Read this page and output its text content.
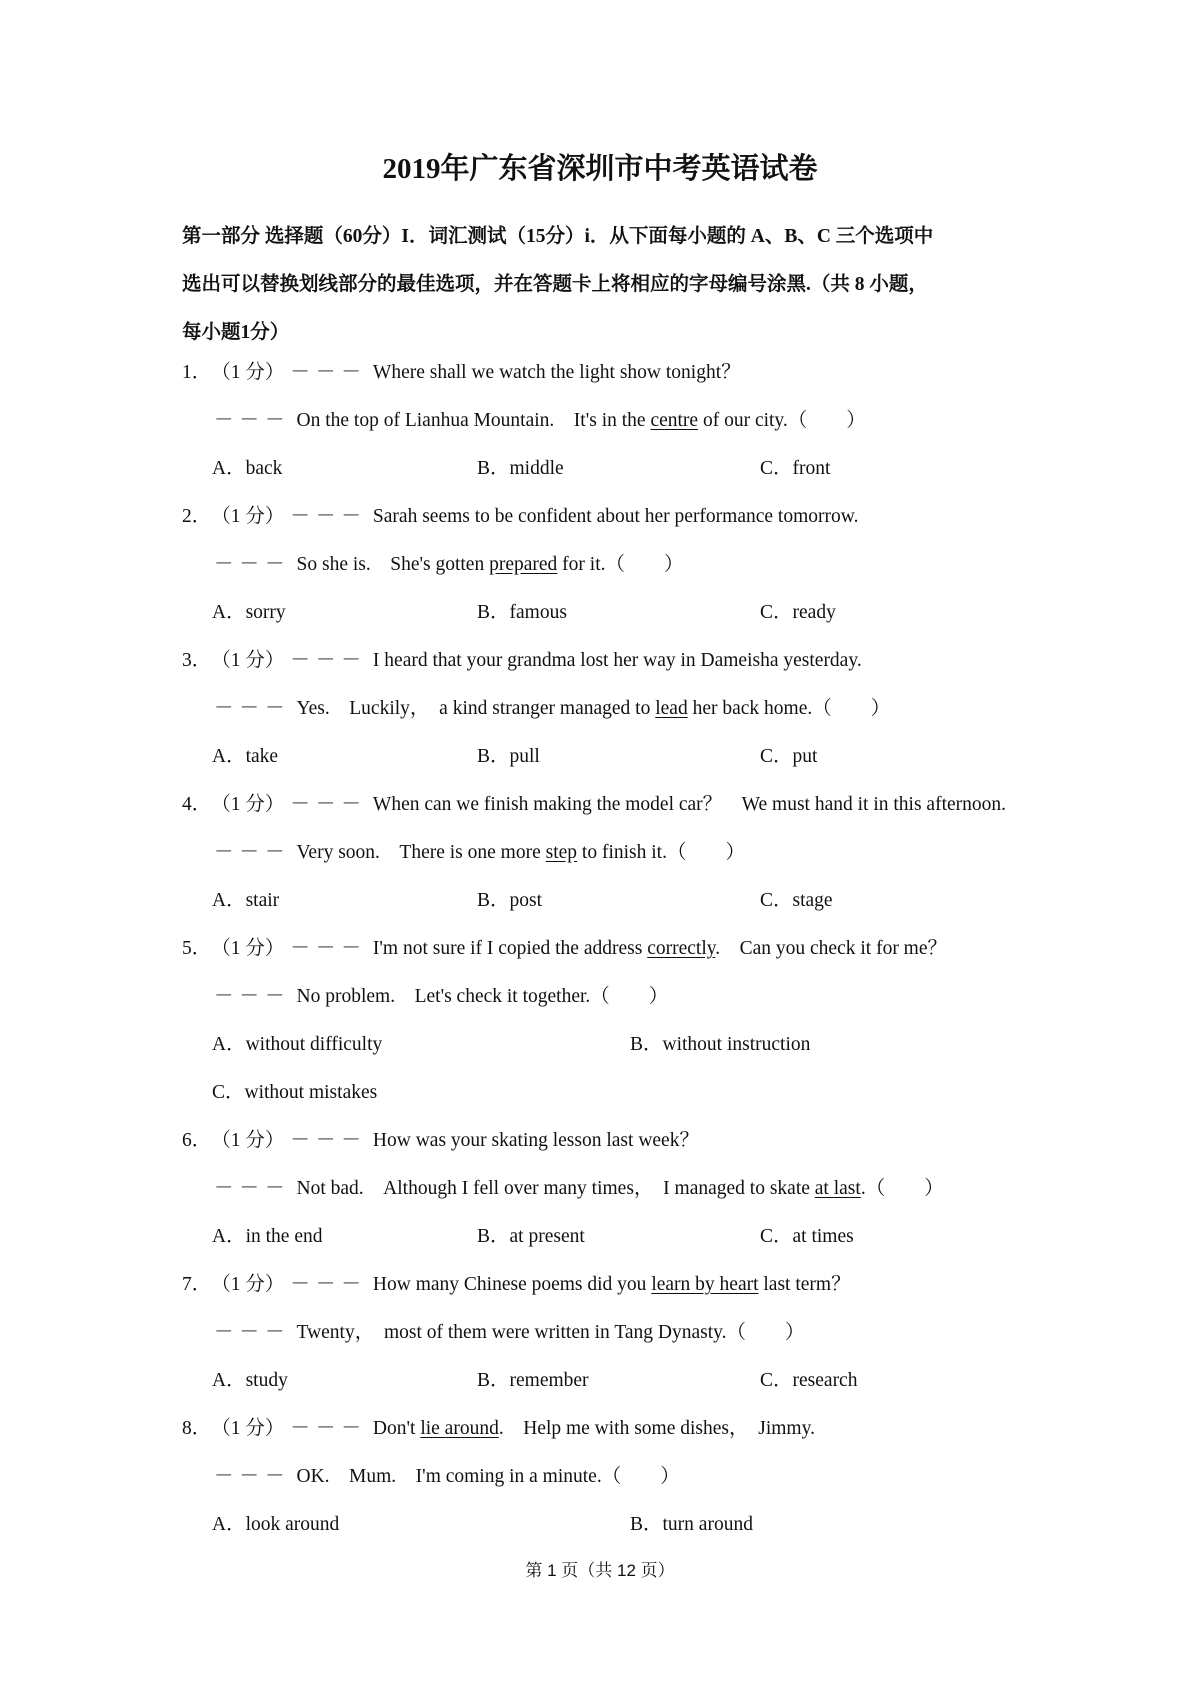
2019年广东省深圳市中考英语试卷
第一部分 选择题（60分）I．词汇测试（15分）i．从下面每小题的 A、B、C 三个选项中
选出可以替换划线部分的最佳选项，并在答题卡上将相应的字母编号涂黑.（共 8 小题，
每小题1分）
1．（1 分） －－－ Where shall we watch the light show tonight？
－－－ On the top of Lianhua Mountain.　It's in the centre of our city.（　　）
A．back	B．middle	C．front
2．（1 分） －－－ Sarah seems to be confident about her performance tomorrow.
－－－ So she is.　She's gotten prepared for it.（　　）
A．sorry	B．famous	C．ready
3．（1 分） －－－ I heard that your grandma lost her way in Dameisha yesterday.
－－－ Yes.　Luckily，　a kind stranger managed to lead her back home.（　　）
A．take	B．pull	C．put
4．（1 分） －－－ When can we finish making the model car？　We must hand it in this afternoon.
－－－ Very soon.　There is one more step to finish it.（　　）
A．stair	B．post	C．stage
5．（1 分） －－－ I'm not sure if I copied the address correctly.　Can you check it for me？
－－－ No problem.　Let's check it together.（　　）
A．without difficulty	B．without instruction
C．without mistakes
6．（1 分） －－－ How was your skating lesson last week？
－－－ Not bad.　Although I fell over many times，　I managed to skate at last.（　　）
A．in the end	B．at present	C．at times
7．（1 分） －－－ How many Chinese poems did you learn by heart last term？
－－－ Twenty，　most of them were written in Tang Dynasty.（　　）
A．study	B．remember	C．research
8．（1 分） －－－ Don't lie around.　Help me with some dishes，　Jimmy.
－－－ OK.　Mum.　I'm coming in a minute.（　　）
A．look around	B．turn around
第 1 页（共 12 页）
